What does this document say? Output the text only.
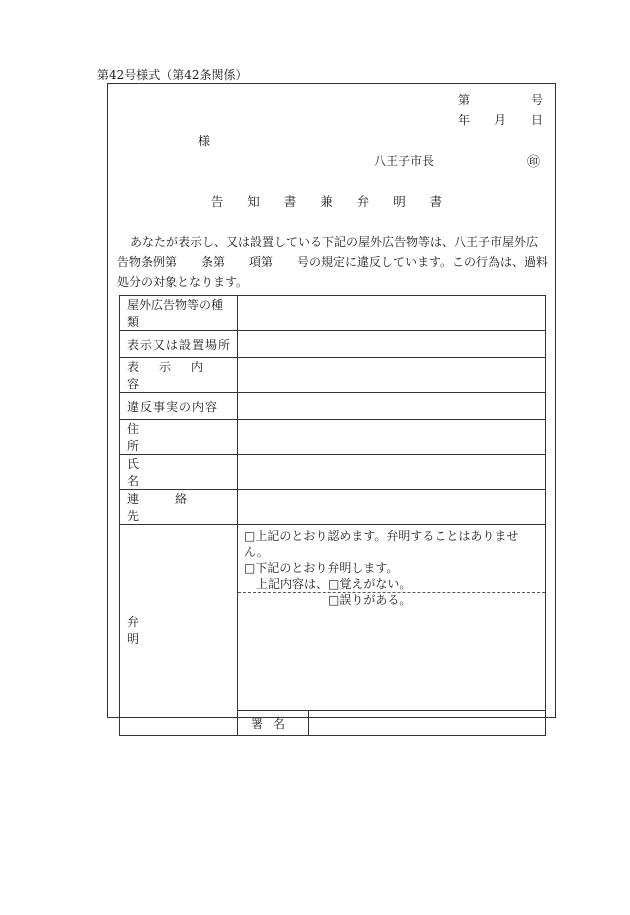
第42号様式（第42条関係）
第	号
年 月 日
様
八王子市長	㊞
告 知 書 兼 弁 明 書
あなたが表示し、又は設置している下記の屋外広告物等は、八王子市屋外広告物条例第　　条第　　項第　　号の規定に違反しています。この行為は、過料処分の対象となります。
屋外広告物等の種類		
表示又は設置場所		
表　示　内　容		
違反事実の内容		
住　　所		
氏　　名		
連　絡　先		
弁　　明	□上記のとおり認めます。弁明することはありません。
□下記のとおり弁明します。
　上記内容は、□覚えがない。
　　　　　　　□誤りがある。	

	署名	
